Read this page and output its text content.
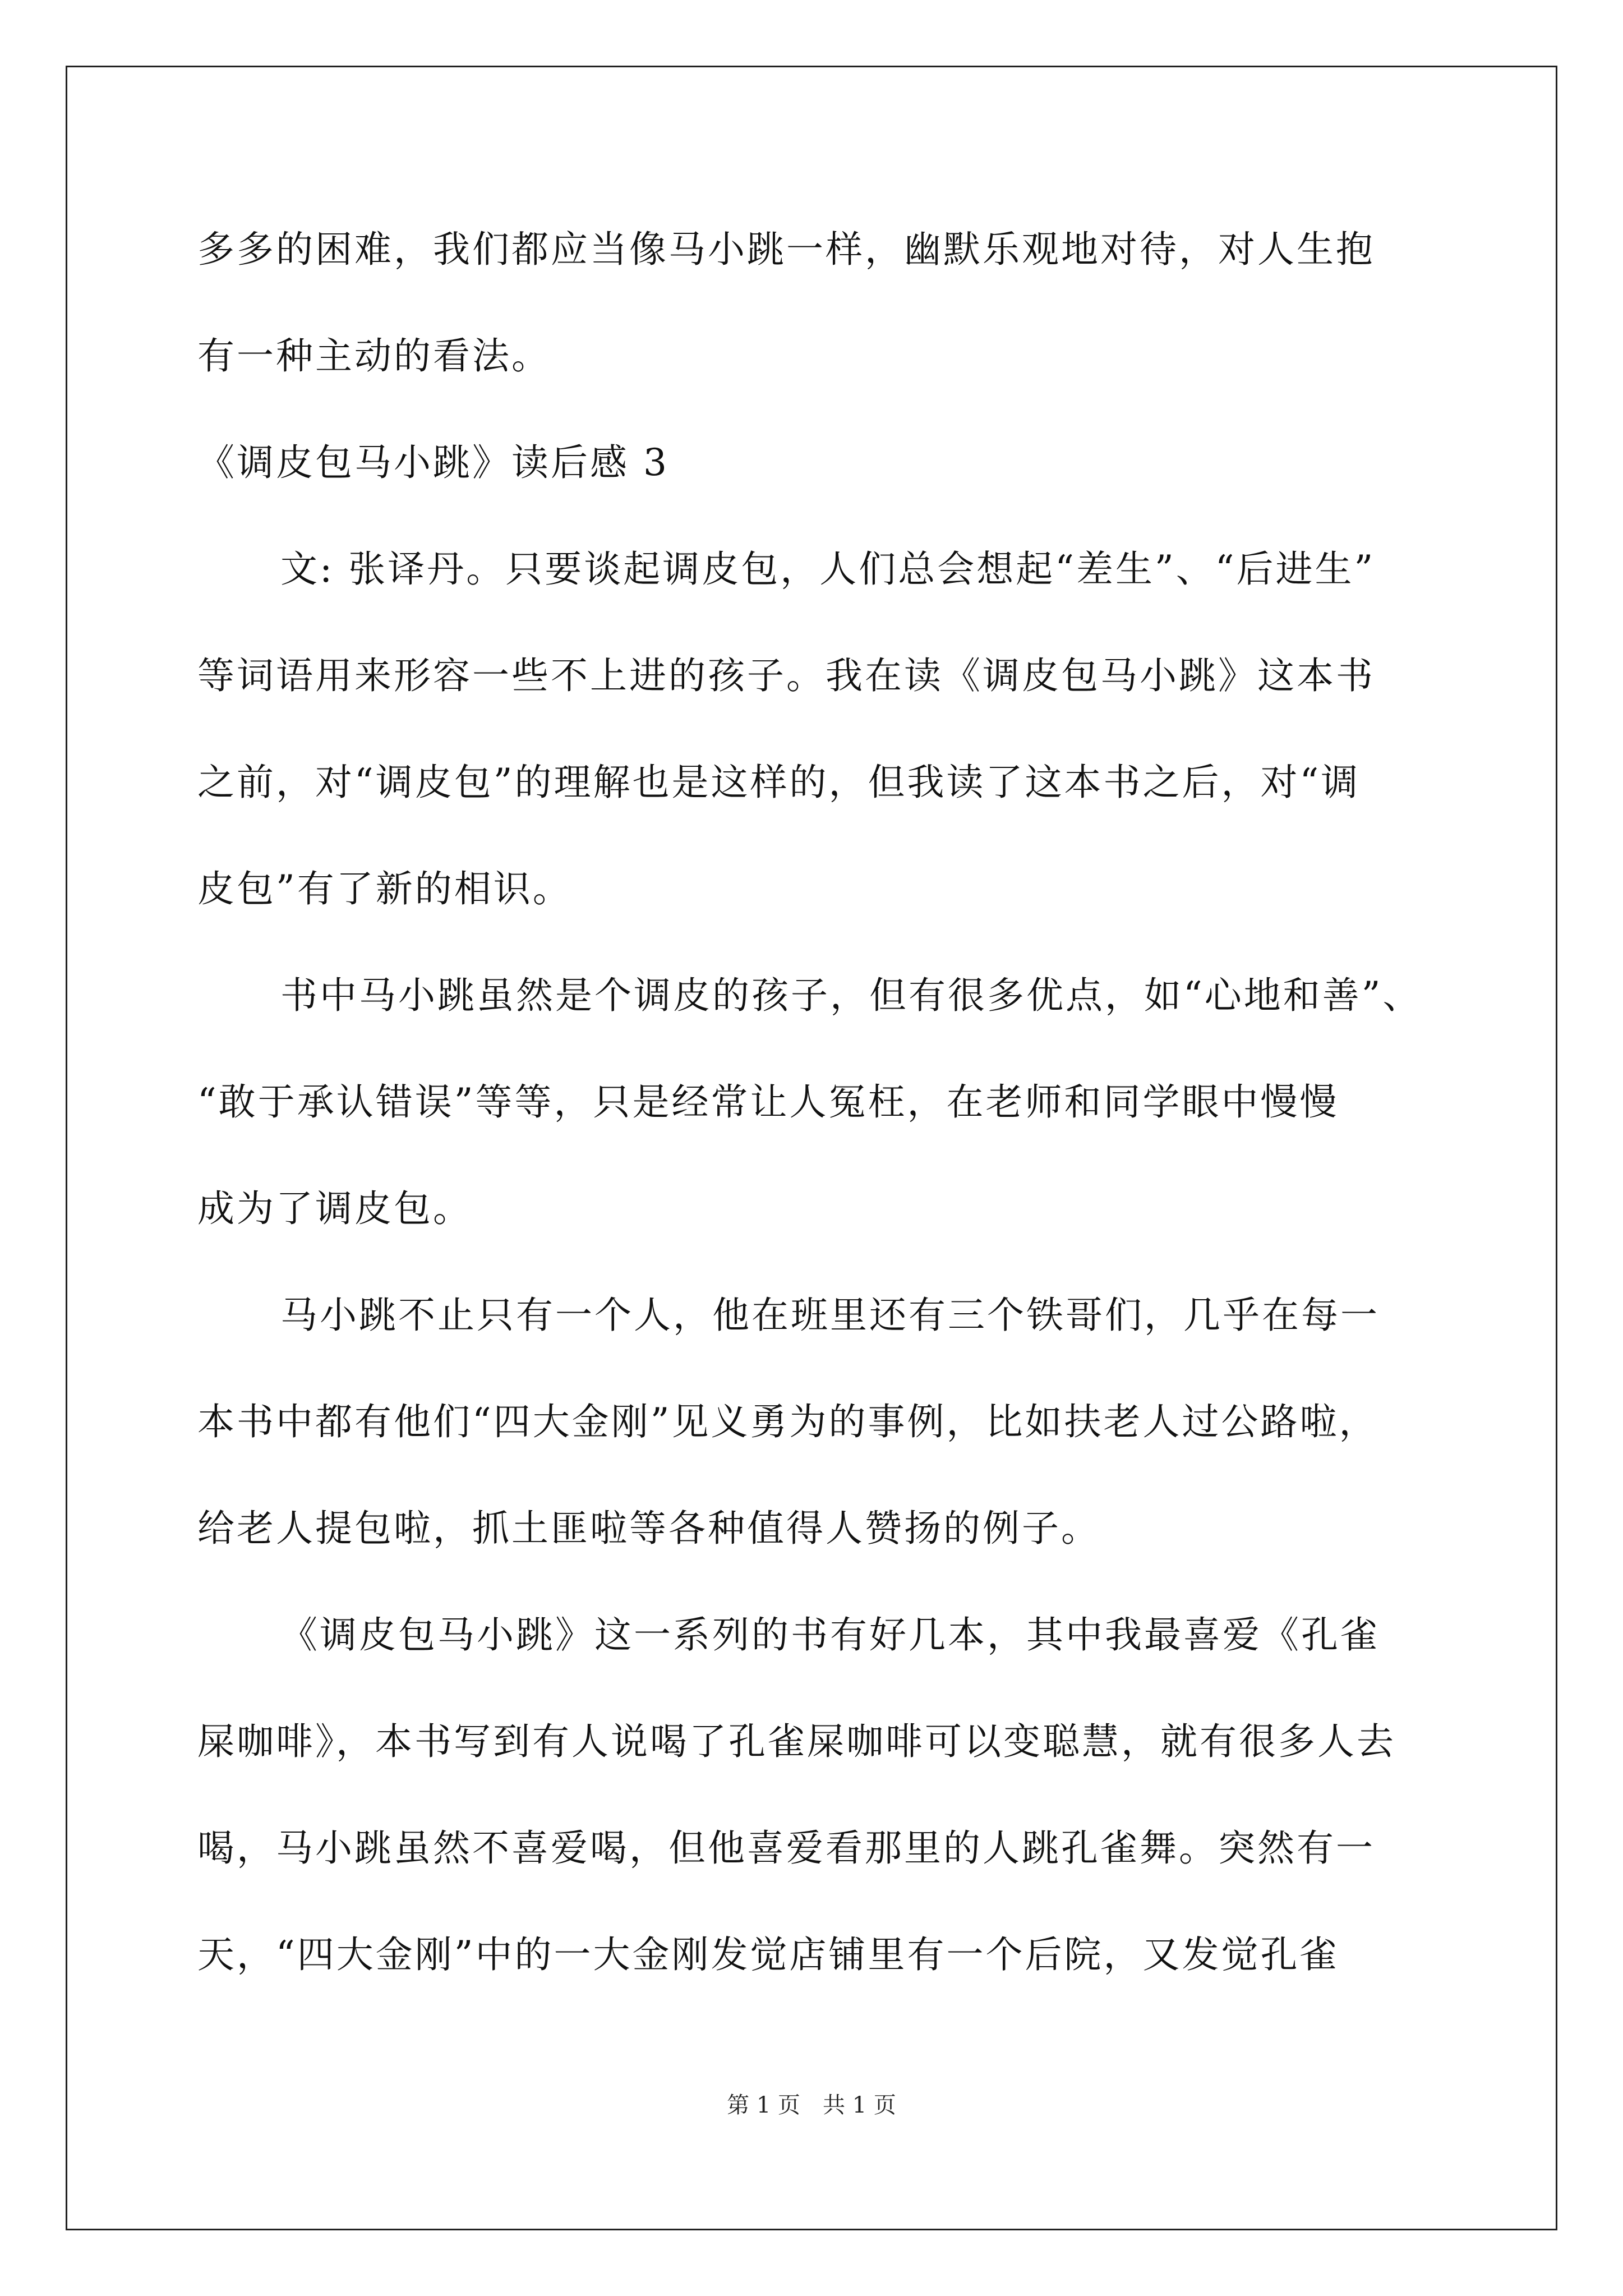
多多的困难，我们都应当像马小跳一样，幽默乐观地对待，对人生抱
有一种主动的看法。
《调皮包马小跳》读后感 3
文: 张译丹。只要谈起调皮包，人们总会想起“差生”、“后进生”
等词语用来形容一些不上进的孩子。我在读《调皮包马小跳》这本书
之前，对“调皮包”的理解也是这样的，但我读了这本书之后，对“调
皮包”有了新的相识。
书中马小跳虽然是个调皮的孩子，但有很多优点，如“心地和善”、
“敢于承认错误”等等，只是经常让人冤枉，在老师和同学眼中慢慢
成为了调皮包。
马小跳不止只有一个人，他在班里还有三个铁哥们，几乎在每一
本书中都有他们“四大金刚”见义勇为的事例，比如扶老人过公路啦，
给老人提包啦，抓土匪啦等各种值得人赞扬的例子。
《调皮包马小跳》这一系列的书有好几本，其中我最喜爱《孔雀
屎咖啡》，本书写到有人说喝了孔雀屎咖啡可以变聪慧，就有很多人去
喝，马小跳虽然不喜爱喝，但他喜爱看那里的人跳孔雀舞。突然有一
天，“四大金刚”中的一大金刚发觉店铺里有一个后院，又发觉孔雀
第 1 页　共 1 页
